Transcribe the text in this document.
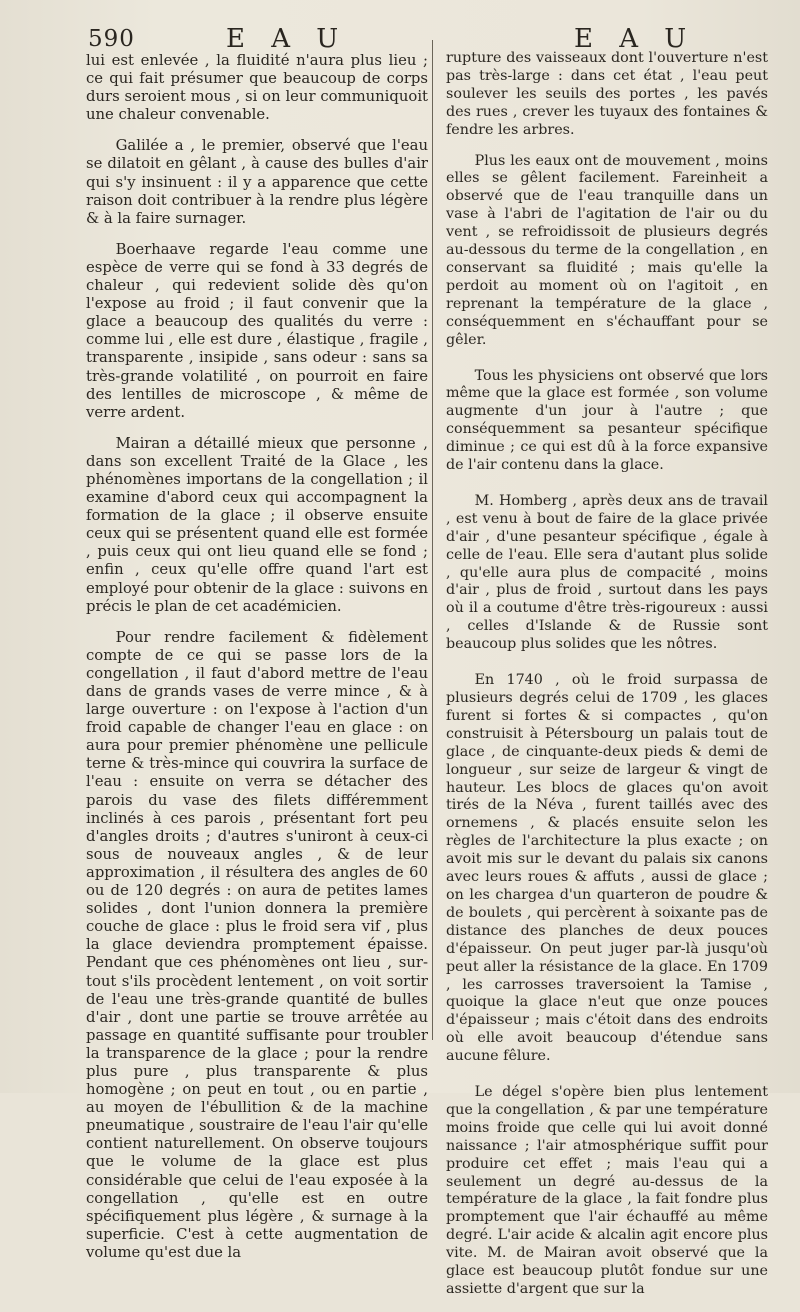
590	E A U	E A U

lui est enlevée , la fluidité n'aura plus lieu ; ce qui fait présumer que beaucoup de corps durs seroient mous , si on leur communiquoit une chaleur convenable.

Galilée a , le premier, observé que l'eau se dilatoit en gêlant , à cause des bulles d'air qui s'y insinuent : il y a apparence que cette raison doit contribuer à la rendre plus légère & à la faire surnager.

Boerhaave regarde l'eau comme une espèce de verre qui se fond à 33 degrés de chaleur , qui redevient solide dès qu'on l'expose au froid ; il faut convenir que la glace a beaucoup des qualités du verre : comme lui , elle est dure , élastique , fragile , transparente , insipide , sans odeur : sans sa très-grande volatilité , on pourroit en faire des lentilles de microscope , & même de verre ardent.

Mairan a détaillé mieux que personne , dans son excellent Traité de la Glace , les phénomènes importans de la congellation ; il examine d'abord ceux qui accompagnent la formation de la glace ; il observe ensuite ceux qui se présentent quand elle est formée , puis ceux qui ont lieu quand elle se fond ; enfin , ceux qu'elle offre quand l'art est employé pour obtenir de la glace : suivons en précis le plan de cet académicien.

Pour rendre facilement & fidèlement compte de ce qui se passe lors de la congellation , il faut d'abord mettre de l'eau dans de grands vases de verre mince , & à large ouverture : on l'expose à l'action d'un froid capable de changer l'eau en glace : on aura pour premier phénomène une pellicule terne & très-mince qui couvrira la surface de l'eau : ensuite on verra se détacher des parois du vase des filets différemment inclinés à ces parois , présentant fort peu d'angles droits ; d'autres s'uniront à ceux-ci sous de nouveaux angles , & de leur approximation , il résultera des angles de 60 ou de 120 degrés : on aura de petites lames solides , dont l'union donnera la première couche de glace : plus le froid sera vif , plus la glace deviendra promptement épaisse. Pendant que ces phénomènes ont lieu , sur-tout s'ils procèdent lentement , on voit sortir de l'eau une très-grande quantité de bulles d'air , dont une partie se trouve arrêtée au passage en quantité suffisante pour troubler la transparence de la glace ; pour la rendre plus pure , plus transparente & plus homogène ; on peut en tout , ou en partie , au moyen de l'ébullition & de la machine pneumatique , soustraire de l'eau l'air qu'elle contient naturellement. On observe toujours que le volume de la glace est plus considérable que celui de l'eau exposée à la congellation , qu'elle est en outre spécifiquement plus légère , & surnage à la superficie. C'est à cette augmentation de volume qu'est due la

rupture des vaisseaux dont l'ouverture n'est pas très-large : dans cet état , l'eau peut soulever les seuils des portes , les pavés des rues , crever les tuyaux des fontaines & fendre les arbres.

Plus les eaux ont de mouvement , moins elles se gêlent facilement. Fareinheit a observé que de l'eau tranquille dans un vase à l'abri de l'agitation de l'air ou du vent , se refroidissoit de plusieurs degrés au-dessous du terme de la congellation , en conservant sa fluidité ; mais qu'elle la perdoit au moment où on l'agitoit , en reprenant la température de la glace , conséquemment en s'échauffant pour se gêler.

Tous les physiciens ont observé que lors même que la glace est formée , son volume augmente d'un jour à l'autre ; que conséquemment sa pesanteur spécifique diminue ; ce qui est dû à la force expansive de l'air contenu dans la glace.

M. Homberg , après deux ans de travail , est venu à bout de faire de la glace privée d'air , d'une pesanteur spécifique , égale à celle de l'eau. Elle sera d'autant plus solide , qu'elle aura plus de compacité , moins d'air , plus de froid , surtout dans les pays où il a coutume d'être très-rigoureux : aussi , celles d'Islande & de Russie sont beaucoup plus solides que les nôtres.

En 1740 , où le froid surpassa de plusieurs degrés celui de 1709 , les glaces furent si fortes & si compactes , qu'on construisit à Pétersbourg un palais tout de glace , de cinquante-deux pieds & demi de longueur , sur seize de largeur & vingt de hauteur. Les blocs de glaces qu'on avoit tirés de la Néva , furent taillés avec des ornemens , & placés ensuite selon les règles de l'architecture la plus exacte ; on avoit mis sur le devant du palais six canons avec leurs roues & affuts , aussi de glace ; on les chargea d'un quarteron de poudre & de boulets , qui percèrent à soixante pas de distance des planches de deux pouces d'épaisseur. On peut juger par-là jusqu'où peut aller la résistance de la glace. En 1709 , les carrosses traversoient la Tamise , quoique la glace n'eut que onze pouces d'épaisseur ; mais c'étoit dans des endroits où elle avoit beaucoup d'étendue sans aucune fêlure.

Le dégel s'opère bien plus lentement que la congellation , & par une température moins froide que celle qui lui avoit donné naissance ; l'air atmosphérique suffit pour produire cet effet ; mais l'eau qui a seulement un degré au-dessus de la température de la glace , la fait fondre plus promptement que l'air échauffé au même degré. L'air acide & alcalin agit encore plus vite. M. de Mairan avoit observé que la glace est beaucoup plutôt fondue sur une assiette d'argent que sur la
